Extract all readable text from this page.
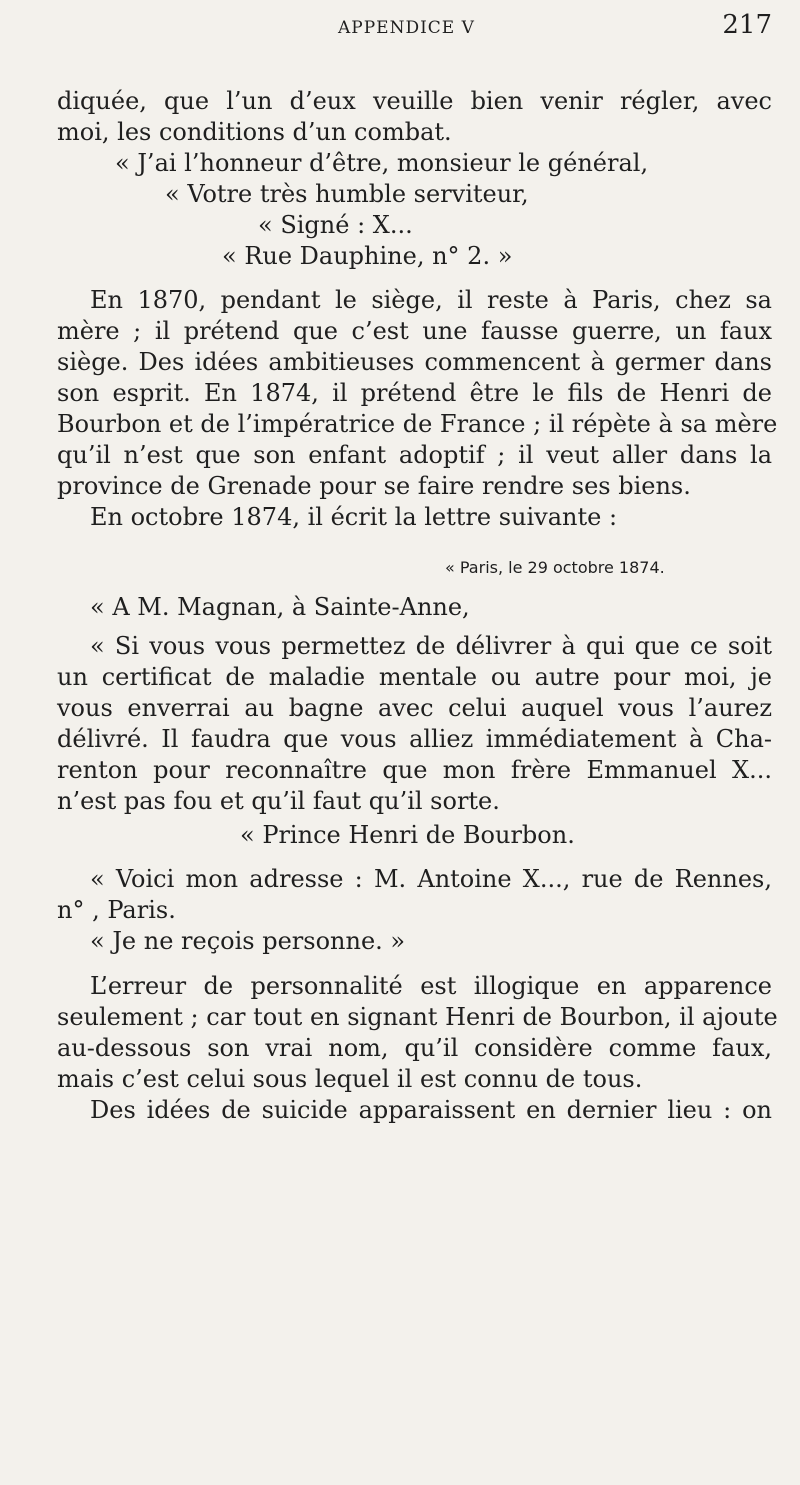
APPENDICE V	217
diquée, que l’un d’eux veuille bien venir régler, avec
moi, les conditions d’un combat.
« J’ai l’honneur d’être, monsieur le général,
« Votre très humble serviteur,
« Signé : X...
« Rue Dauphine, n° 2. »
En 1870, pendant le siège, il reste à Paris, chez sa
mère ; il prétend que c’est une fausse guerre, un faux
siège. Des idées ambitieuses commencent à germer dans
son esprit. En 1874, il prétend être le fils de Henri de
Bourbon et de l’impératrice de France ; il répète à sa mère
qu’il n’est que son enfant adoptif ; il veut aller dans la
province de Grenade pour se faire rendre ses biens.
En octobre 1874, il écrit la lettre suivante :
« Paris, le 29 octobre 1874.
« A M. Magnan, à Sainte-Anne,
« Si vous vous permettez de délivrer à qui que ce soit
un certificat de maladie mentale ou autre pour moi, je
vous enverrai au bagne avec celui auquel vous l’aurez
délivré. Il faudra que vous alliez immédiatement à Cha-
renton pour reconnaître que mon frère Emmanuel X...
n’est pas fou et qu’il faut qu’il sorte.
« Prince Henri de Bourbon.
« Voici mon adresse : M. Antoine X..., rue de Rennes,
n° , Paris.
« Je ne reçois personne. »
L’erreur de personnalité est illogique en apparence
seulement ; car tout en signant Henri de Bourbon, il ajoute
au-dessous son vrai nom, qu’il considère comme faux,
mais c’est celui sous lequel il est connu de tous.
Des idées de suicide apparaissent en dernier lieu : on
